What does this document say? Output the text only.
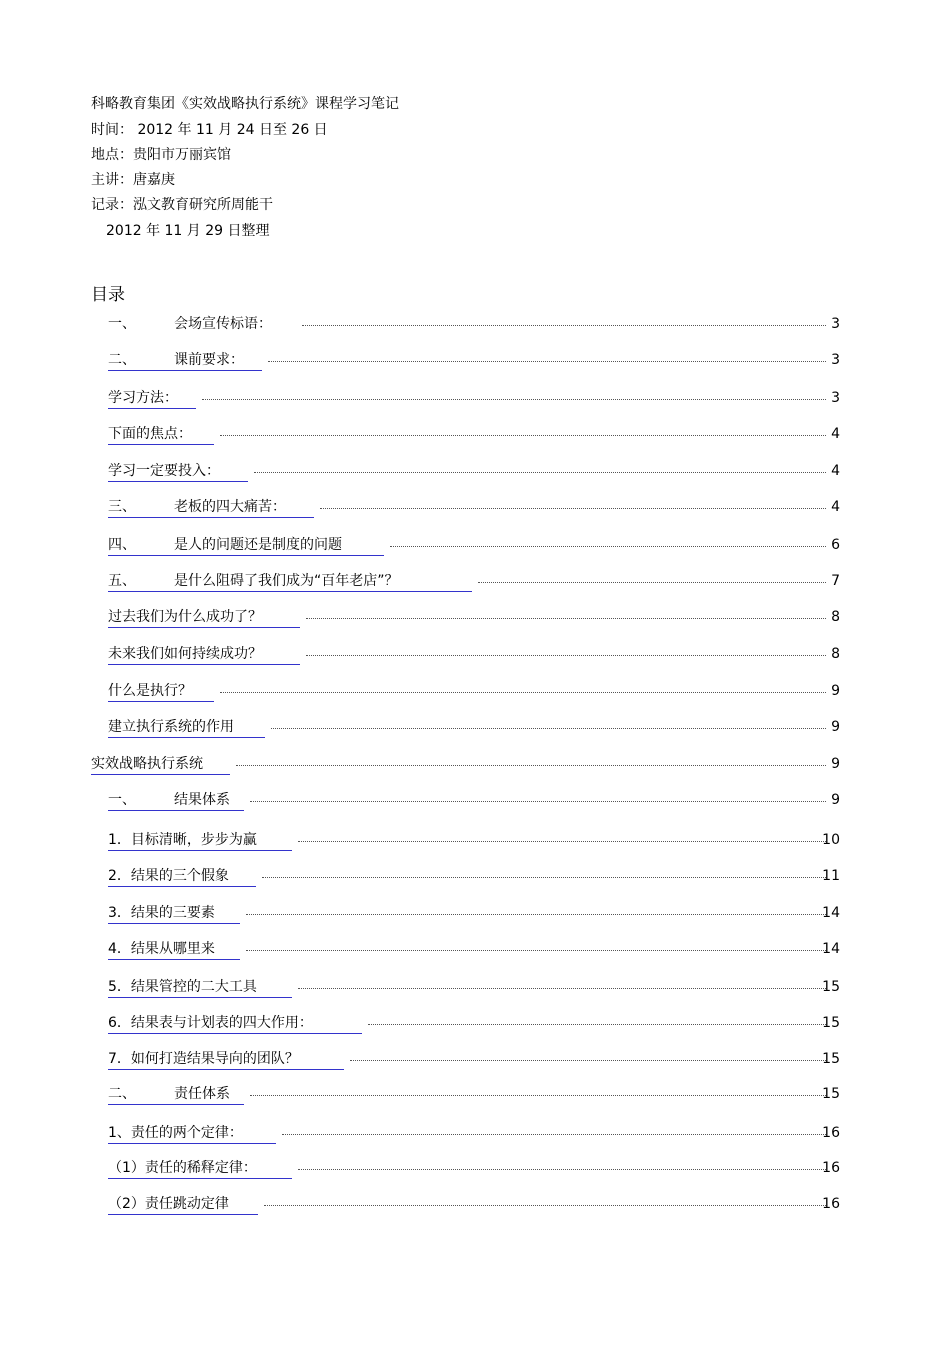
科略教育集团《实效战略执行系统》课程学习笔记
时间： 2012 年 11 月 24 日至 26 日
地点：贵阳市万丽宾馆
主讲：唐嘉庚
记录：泓文教育研究所周能干
2012 年 11 月 29 日整理
目录
一、	会场宣传标语：	3
二、	课前要求：	3
学习方法：	3
下面的焦点：	4
学习一定要投入：	4
三、	老板的四大痛苦：	4
四、	是人的问题还是制度的问题	6
五、	是什么阻碍了我们成为“百年老店”？	7
过去我们为什么成功了？	8
未来我们如何持续成功？	8
什么是执行？	9
建立执行系统的作用	9
实效战略执行系统	9
一、	结果体系	9
1．目标清晰，步步为赢	10
2．结果的三个假象	11
3．结果的三要素	14
4．结果从哪里来	14
5．结果管控的二大工具	15
6．结果表与计划表的四大作用：	15
7．如何打造结果导向的团队？	15
二、	责任体系	15
1、责任的两个定律：	16
（1）责任的稀释定律：	16
（2）责任跳动定律	16
